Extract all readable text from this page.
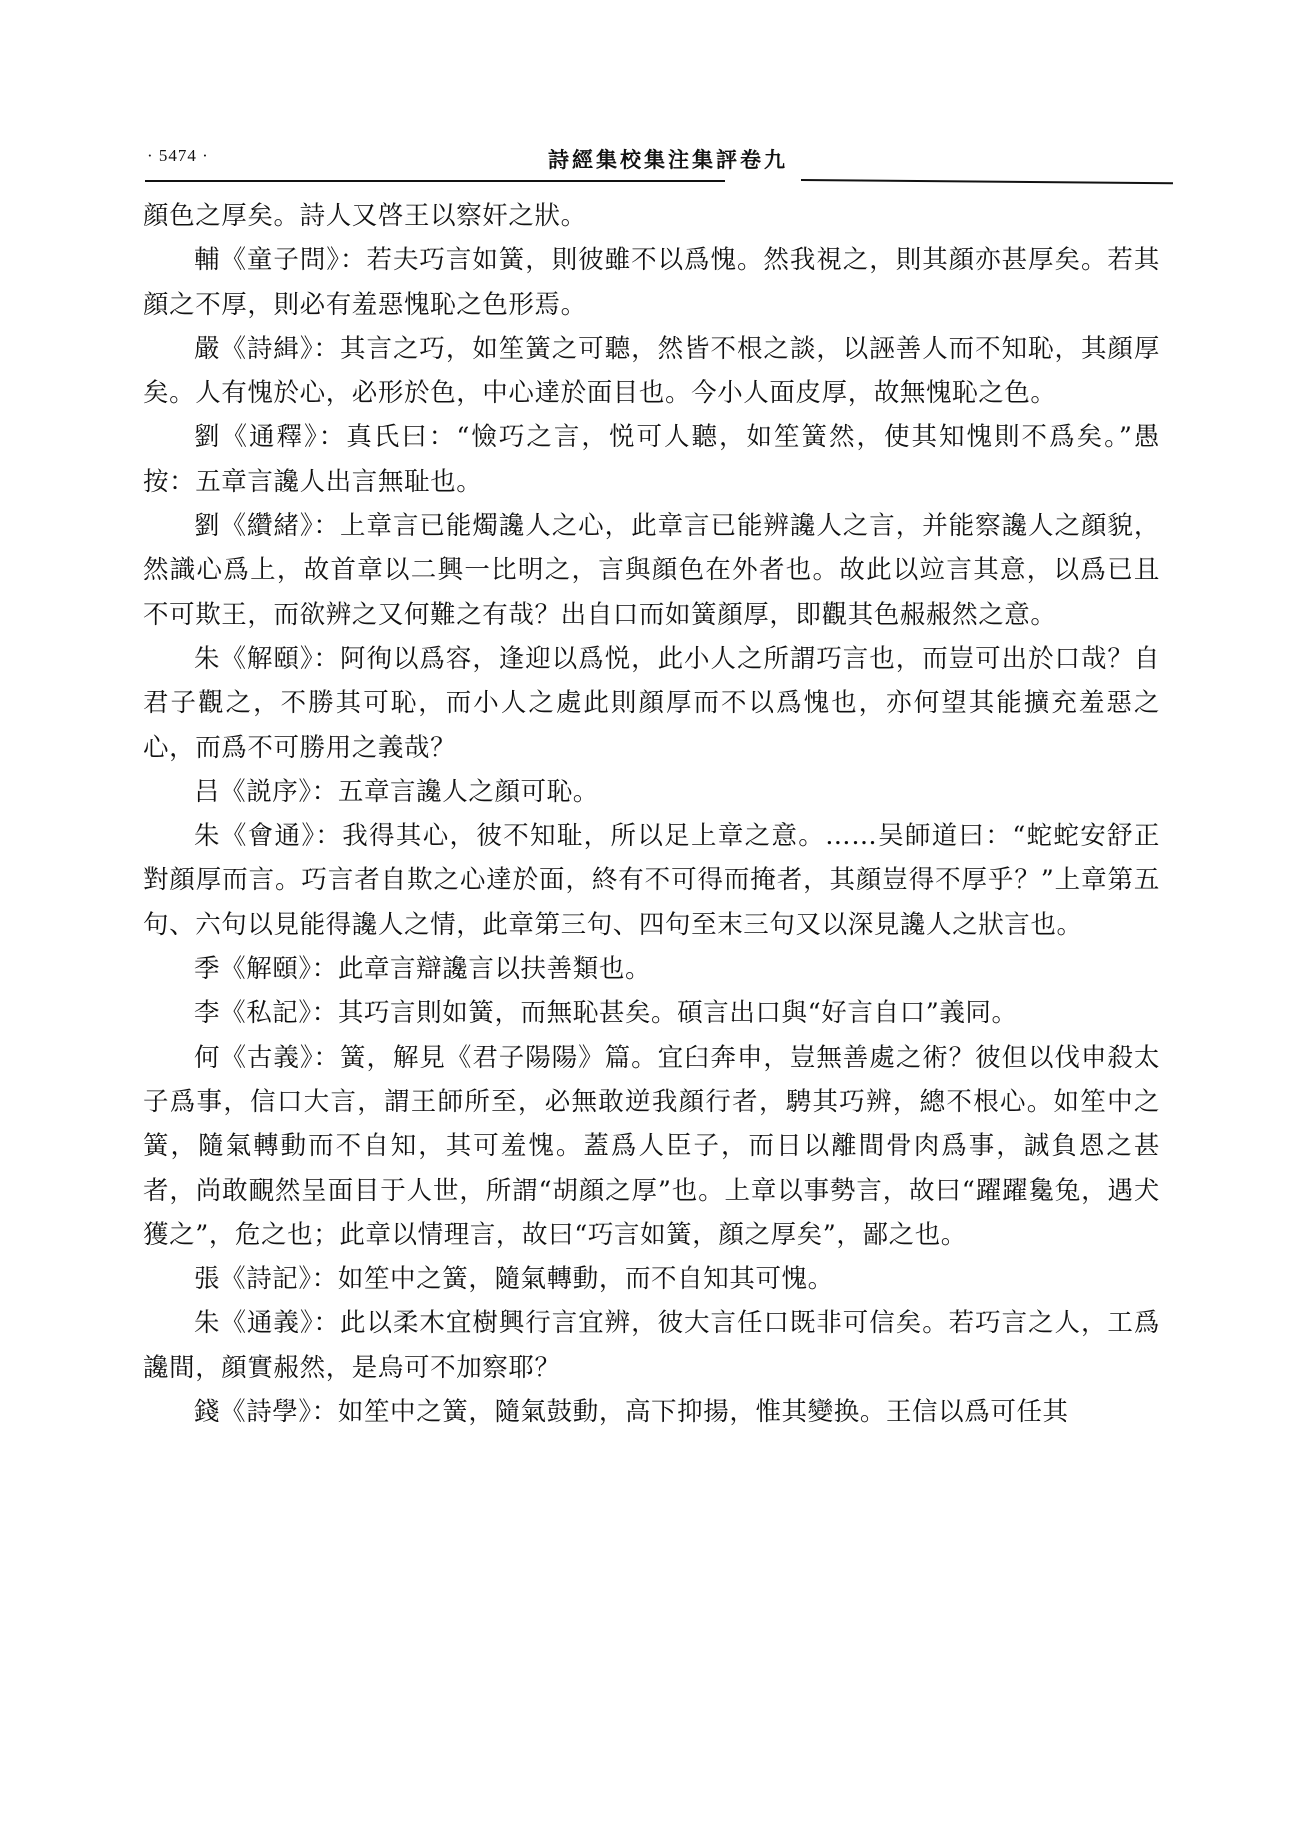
· 5474 ·	詩經集校集注集評卷九

顔色之厚矣。詩人又啓王以察奸之狀。

輔《童子問》：若夫巧言如簧，則彼雖不以爲愧。然我視之，則其顔亦甚厚矣。若其顔之不厚，則必有羞惡愧恥之色形焉。

嚴《詩緝》：其言之巧，如笙簧之可聽，然皆不根之談，以誣善人而不知恥，其顔厚矣。人有愧於心，必形於色，中心達於面目也。今小人面皮厚，故無愧恥之色。

劉《通釋》：真氏曰：“憸巧之言，悦可人聽，如笙簧然，使其知愧則不爲矣。”愚按：五章言讒人出言無耻也。

劉《纘緒》：上章言已能燭讒人之心，此章言已能辨讒人之言，并能察讒人之顔貌，然識心爲上，故首章以二興一比明之，言與顔色在外者也。故此以竝言其意，以爲已且不可欺王，而欲辨之又何難之有哉？出自口而如簧顔厚，即觀其色赧赧然之意。

朱《解頤》：阿徇以爲容，逢迎以爲悦，此小人之所謂巧言也，而豈可出於口哉？自君子觀之，不勝其可恥，而小人之處此則顔厚而不以爲愧也，亦何望其能擴充羞惡之心，而爲不可勝用之義哉？

吕《説序》：五章言讒人之顔可恥。

朱《會通》：我得其心，彼不知耻，所以足上章之意。……吴師道曰：“蛇蛇安舒正對顔厚而言。巧言者自欺之心達於面，終有不可得而掩者，其顔豈得不厚乎？”上章第五句、六句以見能得讒人之情，此章第三句、四句至末三句又以深見讒人之狀言也。

季《解頤》：此章言辯讒言以扶善類也。

李《私記》：其巧言則如簧，而無恥甚矣。碩言出口與“好言自口”義同。

何《古義》：簧，解見《君子陽陽》篇。宜臼奔申，豈無善處之術？彼但以伐申殺太子爲事，信口大言，謂王師所至，必無敢逆我顔行者，騁其巧辨，總不根心。如笙中之簧，隨氣轉動而不自知，其可羞愧。蓋爲人臣子，而日以離間骨肉爲事，誠負恩之甚者，尚敢靦然呈面目于人世，所謂“胡顔之厚”也。上章以事勢言，故曰“躍躍毚兔，遇犬獲之”，危之也；此章以情理言，故曰“巧言如簧，顔之厚矣”，鄙之也。

張《詩記》：如笙中之簧，隨氣轉動，而不自知其可愧。

朱《通義》：此以柔木宜樹興行言宜辨，彼大言任口既非可信矣。若巧言之人，工爲讒間，顔實赧然，是烏可不加察耶？

錢《詩學》：如笙中之簧，隨氣鼓動，高下抑揚，惟其變换。王信以爲可任其
